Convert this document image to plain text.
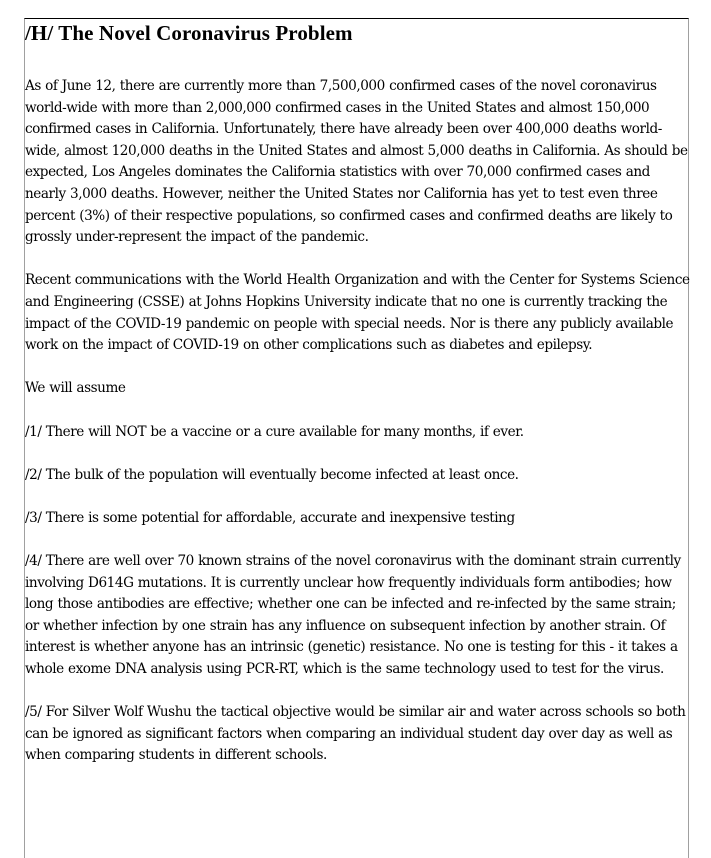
/H/ The Novel Coronavirus Problem

As of June 12, there are currently more than 7,500,000 confirmed cases of the novel coronavirus world-wide with more than 2,000,000 confirmed cases in the United States and almost 150,000 confirmed cases in California. Unfortunately, there have already been over 400,000 deaths world-wide, almost 120,000 deaths in the United States and almost 5,000 deaths in California. As should be expected, Los Angeles dominates the California statistics with over 70,000 confirmed cases and nearly 3,000 deaths. However, neither the United States nor California has yet to test even three percent (3%) of their respective populations, so confirmed cases and confirmed deaths are likely to grossly under-represent the impact of the pandemic.

Recent communications with the World Health Organization and with the Center for Systems Science and Engineering (CSSE) at Johns Hopkins University indicate that no one is currently tracking the impact of the COVID-19 pandemic on people with special needs. Nor is there any publicly available work on the impact of COVID-19 on other complications such as diabetes and epilepsy.

We will assume

/1/ There will NOT be a vaccine or a cure available for many months, if ever.

/2/ The bulk of the population will eventually become infected at least once.

/3/ There is some potential for affordable, accurate and inexpensive testing

/4/ There are well over 70 known strains of the novel coronavirus with the dominant strain currently involving D614G mutations. It is currently unclear how frequently individuals form antibodies; how long those antibodies are effective; whether one can be infected and re-infected by the same strain; or whether infection by one strain has any influence on subsequent infection by another strain. Of interest is whether anyone has an intrinsic (genetic) resistance. No one is testing for this - it takes a whole exome DNA analysis using PCR-RT, which is the same technology used to test for the virus.

/5/ For Silver Wolf Wushu the tactical objective would be similar air and water across schools so both can be ignored as significant factors when comparing an individual student day over day as well as when comparing students in different schools.
